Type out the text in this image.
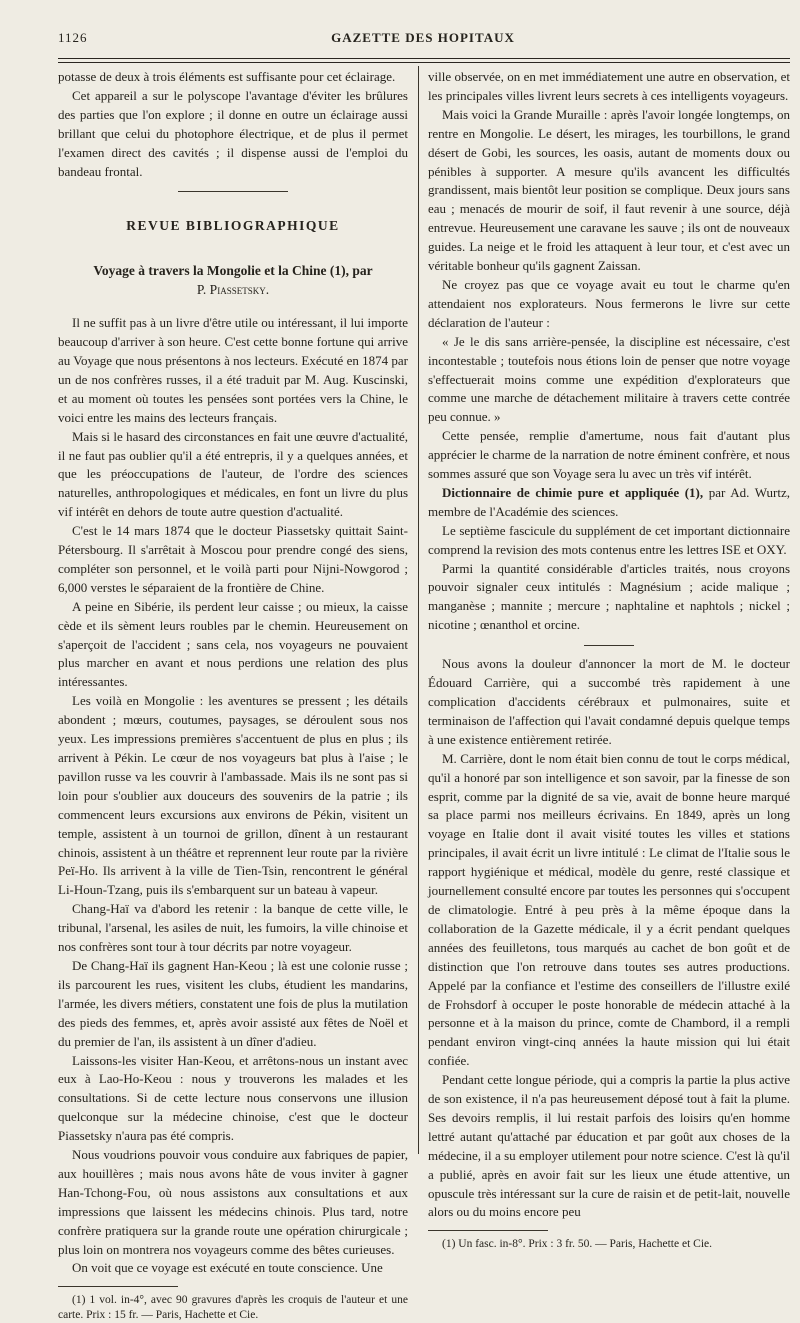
1126	GAZETTE DES HOPITAUX

potasse de deux à trois éléments est suffisante pour cet éclairage.

Cet appareil a sur le polyscope l'avantage d'éviter les brûlures des parties que l'on explore ; il donne en outre un éclairage aussi brillant que celui du photophore électrique, et de plus il permet l'examen direct des cavités ; il dispense aussi de l'emploi du bandeau frontal.

REVUE BIBLIOGRAPHIQUE
Voyage à travers la Mongolie et la Chine (1), par
P. Piassetsky.

Il ne suffit pas à un livre d'être utile ou intéressant, il lui importe beaucoup d'arriver à son heure. C'est cette bonne fortune qui arrive au Voyage que nous présentons à nos lecteurs. Exécuté en 1874 par un de nos confrères russes, il a été traduit par M. Aug. Kuscinski, et au moment où toutes les pensées sont portées vers la Chine, le voici entre les mains des lecteurs français.

Mais si le hasard des circonstances en fait une œuvre d'actualité, il ne faut pas oublier qu'il a été entrepris, il y a quelques années, et que les préoccupations de l'auteur, de l'ordre des sciences naturelles, anthropologiques et médicales, en font un livre du plus vif intérêt en dehors de toute autre question d'actualité.

C'est le 14 mars 1874 que le docteur Piassetsky quittait Saint-Pétersbourg. Il s'arrêtait à Moscou pour prendre congé des siens, compléter son personnel, et le voilà parti pour Nijni-Nowgorod ; 6,000 verstes le séparaient de la frontière de Chine.

A peine en Sibérie, ils perdent leur caisse ; ou mieux, la caisse cède et ils sèment leurs roubles par le chemin. Heureusement on s'aperçoit de l'accident ; sans cela, nos voyageurs ne pouvaient plus marcher en avant et nous perdions une relation des plus intéressantes.

Les voilà en Mongolie : les aventures se pressent ; les détails abondent ; mœurs, coutumes, paysages, se déroulent sous nos yeux. Les impressions premières s'accentuent de plus en plus ; ils arrivent à Pékin. Le cœur de nos voyageurs bat plus à l'aise ; le pavillon russe va les couvrir à l'ambassade. Mais ils ne sont pas si loin pour s'oublier aux douceurs des souvenirs de la patrie ; ils commencent leurs excursions aux environs de Pékin, visitent un temple, assistent à un tournoi de grillon, dînent à un restaurant chinois, assistent à un théâtre et reprennent leur route par la rivière Peï-Ho. Ils arrivent à la ville de Tien-Tsin, rencontrent le général Li-Houn-Tzang, puis ils s'embarquent sur un bateau à vapeur.

Chang-Haï va d'abord les retenir : la banque de cette ville, le tribunal, l'arsenal, les asiles de nuit, les fumoirs, la ville chinoise et nos confrères sont tour à tour décrits par notre voyageur.

De Chang-Haï ils gagnent Han-Keou ; là est une colonie russe ; ils parcourent les rues, visitent les clubs, étudient les mandarins, l'armée, les divers métiers, constatent une fois de plus la mutilation des pieds des femmes, et, après avoir assisté aux fêtes de Noël et du premier de l'an, ils assistent à un dîner d'adieu.

Laissons-les visiter Han-Keou, et arrêtons-nous un instant avec eux à Lao-Ho-Keou : nous y trouverons les malades et les consultations. Si de cette lecture nous conservons une illusion quelconque sur la médecine chinoise, c'est que le docteur Piassetsky n'aura pas été compris.

Nous voudrions pouvoir vous conduire aux fabriques de papier, aux houillères ; mais nous avons hâte de vous inviter à gagner Han-Tchong-Fou, où nous assistons aux consultations et aux impressions que laissent les médecins chinois. Plus tard, notre confrère pratiquera sur la grande route une opération chirurgicale ; plus loin on montrera nos voyageurs comme des bêtes curieuses.

On voit que ce voyage est exécuté en toute conscience. Une

(1) 1 vol. in-4°, avec 90 gravures d'après les croquis de l'auteur et une carte. Prix : 15 fr. — Paris, Hachette et Cie.

ville observée, on en met immédiatement une autre en observation, et les principales villes livrent leurs secrets à ces intelligents voyageurs.

Mais voici la Grande Muraille : après l'avoir longée longtemps, on rentre en Mongolie. Le désert, les mirages, les tourbillons, le grand désert de Gobi, les sources, les oasis, autant de moments doux ou pénibles à supporter. A mesure qu'ils avancent les difficultés grandissent, mais bientôt leur position se complique. Deux jours sans eau ; menacés de mourir de soif, il faut revenir à une source, déjà entrevue. Heureusement une caravane les sauve ; ils ont de nouveaux guides. La neige et le froid les attaquent à leur tour, et c'est avec un véritable bonheur qu'ils gagnent Zaissan.

Ne croyez pas que ce voyage avait eu tout le charme qu'en attendaient nos explorateurs. Nous fermerons le livre sur cette déclaration de l'auteur :

« Je le dis sans arrière-pensée, la discipline est nécessaire, c'est incontestable ; toutefois nous étions loin de penser que notre voyage s'effectuerait moins comme une expédition d'explorateurs que comme une marche de détachement militaire à travers cette contrée peu connue. »

Cette pensée, remplie d'amertume, nous fait d'autant plus apprécier le charme de la narration de notre éminent confrère, et nous sommes assuré que son Voyage sera lu avec un très vif intérêt.

Dictionnaire de chimie pure et appliquée (1), par Ad. Wurtz, membre de l'Académie des sciences.

Le septième fascicule du supplément de cet important dictionnaire comprend la revision des mots contenus entre les lettres ISE et OXY.

Parmi la quantité considérable d'articles traités, nous croyons pouvoir signaler ceux intitulés : Magnésium ; acide malique ; manganèse ; mannite ; mercure ; naphtaline et naphtols ; nickel ; nicotine ; œnanthol et orcine.

Nous avons la douleur d'annoncer la mort de M. le docteur Édouard Carrière, qui a succombé très rapidement à une complication d'accidents cérébraux et pulmonaires, suite et terminaison de l'affection qui l'avait condamné depuis quelque temps à une existence entièrement retirée.

M. Carrière, dont le nom était bien connu de tout le corps médical, qu'il a honoré par son intelligence et son savoir, par la finesse de son esprit, comme par la dignité de sa vie, avait de bonne heure marqué sa place parmi nos meilleurs écrivains. En 1849, après un long voyage en Italie dont il avait visité toutes les villes et stations principales, il avait écrit un livre intitulé : Le climat de l'Italie sous le rapport hygiénique et médical, modèle du genre, resté classique et journellement consulté encore par toutes les personnes qui s'occupent de climatologie. Entré à peu près à la même époque dans la collaboration de la Gazette médicale, il y a écrit pendant quelques années des feuilletons, tous marqués au cachet de bon goût et de distinction que l'on retrouve dans toutes ses autres productions. Appelé par la confiance et l'estime des conseillers de l'illustre exilé de Frohsdorf à occuper le poste honorable de médecin attaché à la personne et à la maison du prince, comte de Chambord, il a rempli pendant environ vingt-cinq années la haute mission qui lui était confiée.

Pendant cette longue période, qui a compris la partie la plus active de son existence, il n'a pas heureusement déposé tout à fait la plume. Ses devoirs remplis, il lui restait parfois des loisirs qu'en homme lettré autant qu'attaché par éducation et par goût aux choses de la médecine, il a su employer utilement pour notre science. C'est là qu'il a publié, après en avoir fait sur les lieux une étude attentive, un opuscule très intéressant sur la cure de raisin et de petit-lait, nouvelle alors ou du moins encore peu

(1) Un fasc. in-8°. Prix : 3 fr. 50. — Paris, Hachette et Cie.
